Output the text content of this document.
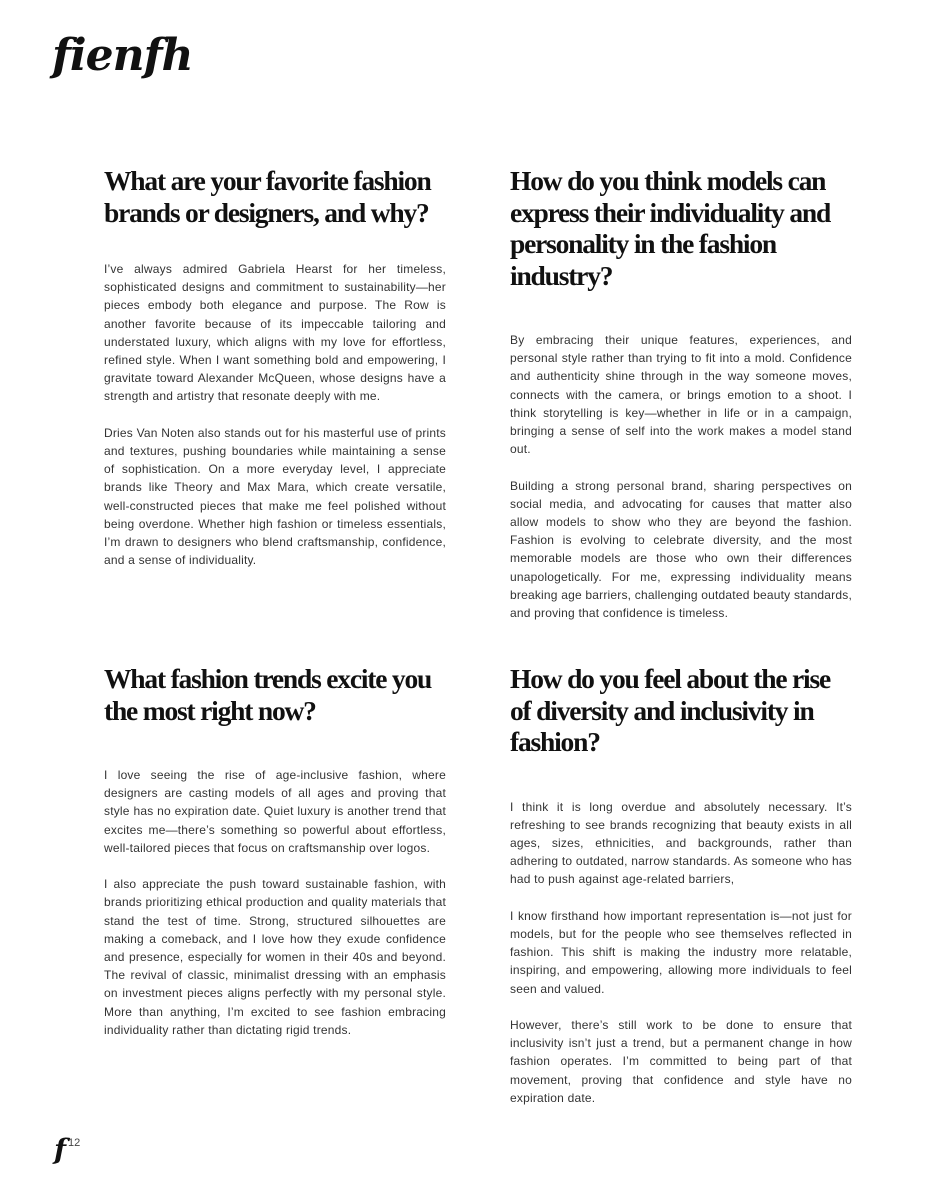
fienfh
What are your favorite fashion brands or designers, and why?

I’ve always admired Gabriela Hearst for her timeless, sophisticated designs and commitment to sustainability—her pieces embody both elegance and purpose. The Row is another favorite because of its impeccable tailoring and understated luxury, which aligns with my love for effortless, refined style. When I want something bold and empowering, I gravitate toward Alexander McQueen, whose designs have a strength and artistry that resonate deeply with me.

Dries Van Noten also stands out for his masterful use of prints and textures, pushing boundaries while maintaining a sense of sophistication. On a more everyday level, I appreciate brands like Theory and Max Mara, which create versatile, well-constructed pieces that make me feel polished without being overdone. Whether high fashion or timeless essentials, I’m drawn to designers who blend craftsmanship, confidence, and a sense of individuality.

How do you think models can express their individuality and personality in the fashion industry?

By embracing their unique features, experiences, and personal style rather than trying to fit into a mold. Confidence and authenticity shine through in the way someone moves, connects with the camera, or brings emotion to a shoot. I think storytelling is key—whether in life or in a campaign, bringing a sense of self into the work makes a model stand out.

Building a strong personal brand, sharing perspectives on social media, and advocating for causes that matter also allow models to show who they are beyond the fashion. Fashion is evolving to celebrate diversity, and the most memorable models are those who own their differences unapologetically. For me, expressing individuality means breaking age barriers, challenging outdated beauty standards, and proving that confidence is timeless.

What fashion trends excite you the most right now?

I love seeing the rise of age-inclusive fashion, where designers are casting models of all ages and proving that style has no expiration date. Quiet luxury is another trend that excites me—there’s something so powerful about effortless, well-tailored pieces that focus on craftsmanship over logos.

I also appreciate the push toward sustainable fashion, with brands prioritizing ethical production and quality materials that stand the test of time. Strong, structured silhouettes are making a comeback, and I love how they exude confidence and presence, especially for women in their 40s and beyond. The revival of classic, minimalist dressing with an emphasis on investment pieces aligns perfectly with my personal style. More than anything, I’m excited to see fashion embracing individuality rather than dictating rigid trends.

How do you feel about the rise of diversity and inclusivity in fashion?

I think it is long overdue and absolutely necessary. It’s refreshing to see brands recognizing that beauty exists in all ages, sizes, ethnicities, and backgrounds, rather than adhering to outdated, narrow standards. As someone who has had to push against age-related barriers,

I know firsthand how important representation is—not just for models, but for the people who see themselves reflected in fashion. This shift is making the industry more relatable, inspiring, and empowering, allowing more individuals to feel seen and valued.

However, there’s still work to be done to ensure that inclusivity isn’t just a trend, but a permanent change in how fashion operates. I’m committed to being part of that movement, proving that confidence and style have no expiration date.

f $^{12}$
